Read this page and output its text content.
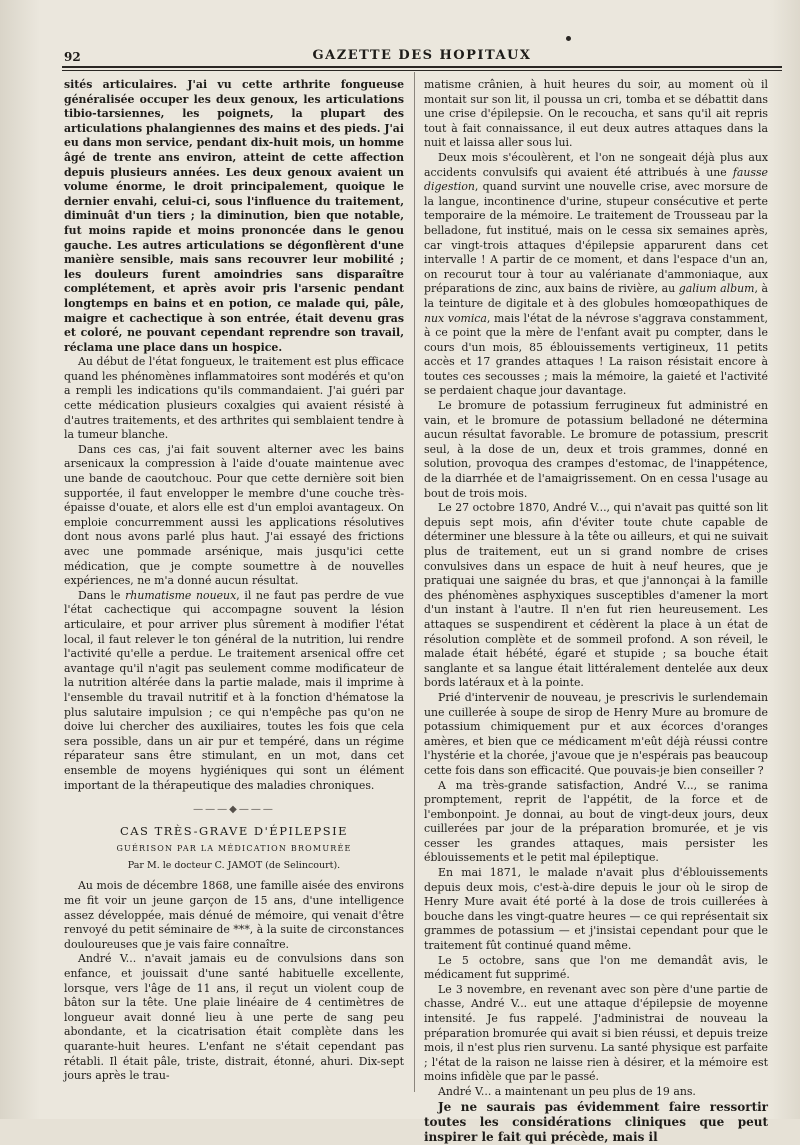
92	GAZETTE DES HOPITAUX

sités articulaires. J'ai vu cette arthrite fongueuse généralisée occuper les deux genoux, les articulations tibio-tarsiennes, les poignets, la plupart des articulations phalangiennes des mains et des pieds. J'ai eu dans mon service, pendant dix-huit mois, un homme âgé de trente ans environ, atteint de cette affection depuis plusieurs années. Les deux genoux avaient un volume énorme, le droit principalement, quoique le dernier envahi, celui-ci, sous l'influence du traitement, diminuât d'un tiers ; la diminution, bien que notable, fut moins rapide et moins prononcée dans le genou gauche. Les autres articulations se dégonflèrent d'une manière sensible, mais sans recouvrer leur mobilité ; les douleurs furent amoindries sans disparaître complétement, et après avoir pris l'arsenic pendant longtemps en bains et en potion, ce malade qui, pâle, maigre et cachectique à son entrée, était devenu gras et coloré, ne pouvant cependant reprendre son travail, réclama une place dans un hospice.

Au début de l'état fongueux, le traitement est plus efficace quand les phénomènes inflammatoires sont modérés et qu'on a rempli les indications qu'ils commandaient. J'ai guéri par cette médication plusieurs coxalgies qui avaient résisté à d'autres traitements, et des arthrites qui semblaient tendre à la tumeur blanche.

Dans ces cas, j'ai fait souvent alterner avec les bains arsenicaux la compression à l'aide d'ouate maintenue avec une bande de caoutchouc. Pour que cette dernière soit bien supportée, il faut envelopper le membre d'une couche très-épaisse d'ouate, et alors elle est d'un emploi avantageux. On emploie concurremment aussi les applications résolutives dont nous avons parlé plus haut. J'ai essayé des frictions avec une pommade arsénique, mais jusqu'ici cette médication, que je compte soumettre à de nouvelles expériences, ne m'a donné aucun résultat.

Dans le rhumatisme noueux, il ne faut pas perdre de vue l'état cachectique qui accompagne souvent la lésion articulaire, et pour arriver plus sûrement à modifier l'état local, il faut relever le ton général de la nutrition, lui rendre l'activité qu'elle a perdue. Le traitement arsenical offre cet avantage qu'il n'agit pas seulement comme modificateur de la nutrition altérée dans la partie malade, mais il imprime à l'ensemble du travail nutritif et à la fonction d'hématose la plus salutaire impulsion ; ce qui n'empêche pas qu'on ne doive lui chercher des auxiliaires, toutes les fois que cela sera possible, dans un air pur et tempéré, dans un régime réparateur sans être stimulant, en un mot, dans cet ensemble de moyens hygiéniques qui sont un élément important de la thérapeutique des maladies chroniques.

———◆———
CAS TRÈS-GRAVE D'ÉPILEPSIE
GUÉRISON PAR LA MÉDICATION BROMURÉE
Par M. le docteur C. JAMOT (de Selincourt).

Au mois de décembre 1868, une famille aisée des environs me fit voir un jeune garçon de 15 ans, d'une intelligence assez développée, mais dénué de mémoire, qui venait d'être renvoyé du petit séminaire de ***, à la suite de circonstances douloureuses que je vais faire connaître.

André V... n'avait jamais eu de convulsions dans son enfance, et jouissait d'une santé habituelle excellente, lorsque, vers l'âge de 11 ans, il reçut un violent coup de bâton sur la tête. Une plaie linéaire de 4 centimètres de longueur avait donné lieu à une perte de sang peu abondante, et la cicatrisation était complète dans les quarante-huit heures. L'enfant ne s'était cependant pas rétabli. Il était pâle, triste, distrait, étonné, ahuri. Dix-sept jours après le trau-

matisme crânien, à huit heures du soir, au moment où il montait sur son lit, il poussa un cri, tomba et se débattit dans une crise d'épilepsie. On le recoucha, et sans qu'il ait repris tout à fait connaissance, il eut deux autres attaques dans la nuit et laissa aller sous lui.

Deux mois s'écoulèrent, et l'on ne songeait déjà plus aux accidents convulsifs qui avaient été attribués à une fausse digestion, quand survint une nouvelle crise, avec morsure de la langue, incontinence d'urine, stupeur consécutive et perte temporaire de la mémoire. Le traitement de Trousseau par la belladone, fut institué, mais on le cessa six semaines après, car vingt-trois attaques d'épilepsie apparurent dans cet intervalle ! A partir de ce moment, et dans l'espace d'un an, on recourut tour à tour au valérianate d'ammoniaque, aux préparations de zinc, aux bains de rivière, au galium album, à la teinture de digitale et à des globules homœopathiques de nux vomica, mais l'état de la névrose s'aggrava constamment, à ce point que la mère de l'enfant avait pu compter, dans le cours d'un mois, 85 éblouissements vertigineux, 11 petits accès et 17 grandes attaques ! La raison résistait encore à toutes ces secousses ; mais la mémoire, la gaieté et l'activité se perdaient chaque jour davantage.

Le bromure de potassium ferrugineux fut administré en vain, et le bromure de potassium belladoné ne détermina aucun résultat favorable. Le bromure de potassium, prescrit seul, à la dose de un, deux et trois grammes, donné en solution, provoqua des crampes d'estomac, de l'inappétence, de la diarrhée et de l'amaigrissement. On en cessa l'usage au bout de trois mois.

Le 27 octobre 1870, André V..., qui n'avait pas quitté son lit depuis sept mois, afin d'éviter toute chute capable de déterminer une blessure à la tête ou ailleurs, et qui ne suivait plus de traitement, eut un si grand nombre de crises convulsives dans un espace de huit à neuf heures, que je pratiquai une saignée du bras, et que j'annonçai à la famille des phénomènes asphyxiques susceptibles d'amener la mort d'un instant à l'autre. Il n'en fut rien heureusement. Les attaques se suspendirent et cédèrent la place à un état de résolution complète et de sommeil profond. A son réveil, le malade était hébété, égaré et stupide ; sa bouche était sanglante et sa langue était littéralement dentelée aux deux bords latéraux et à la pointe.

Prié d'intervenir de nouveau, je prescrivis le surlendemain une cuillerée à soupe de sirop de Henry Mure au bromure de potassium chimiquement pur et aux écorces d'oranges amères, et bien que ce médicament m'eût déjà réussi contre l'hystérie et la chorée, j'avoue que je n'espérais pas beaucoup cette fois dans son efficacité. Que pouvais-je bien conseiller ?

A ma très-grande satisfaction, André V..., se ranima promptement, reprit de l'appétit, de la force et de l'embonpoint. Je donnai, au bout de vingt-deux jours, deux cuillerées par jour de la préparation bromurée, et je vis cesser les grandes attaques, mais persister les éblouissements et le petit mal épileptique.

En mai 1871, le malade n'avait plus d'éblouissements depuis deux mois, c'est-à-dire depuis le jour où le sirop de Henry Mure avait été porté à la dose de trois cuillerées à bouche dans les vingt-quatre heures — ce qui représentait six grammes de potassium — et j'insistai cependant pour que le traitement fût continué quand même.

Le 5 octobre, sans que l'on me demandât avis, le médicament fut supprimé.

Le 3 novembre, en revenant avec son père d'une partie de chasse, André V... eut une attaque d'épilepsie de moyenne intensité. Je fus rappelé. J'administrai de nouveau la préparation bromurée qui avait si bien réussi, et depuis treize mois, il n'est plus rien survenu. La santé physique est parfaite ; l'état de la raison ne laisse rien à désirer, et la mémoire est moins infidèle que par le passé.

André V... a maintenant un peu plus de 19 ans.

Je ne saurais pas évidemment faire ressortir toutes les considérations cliniques que peut inspirer le fait qui précède, mais il
